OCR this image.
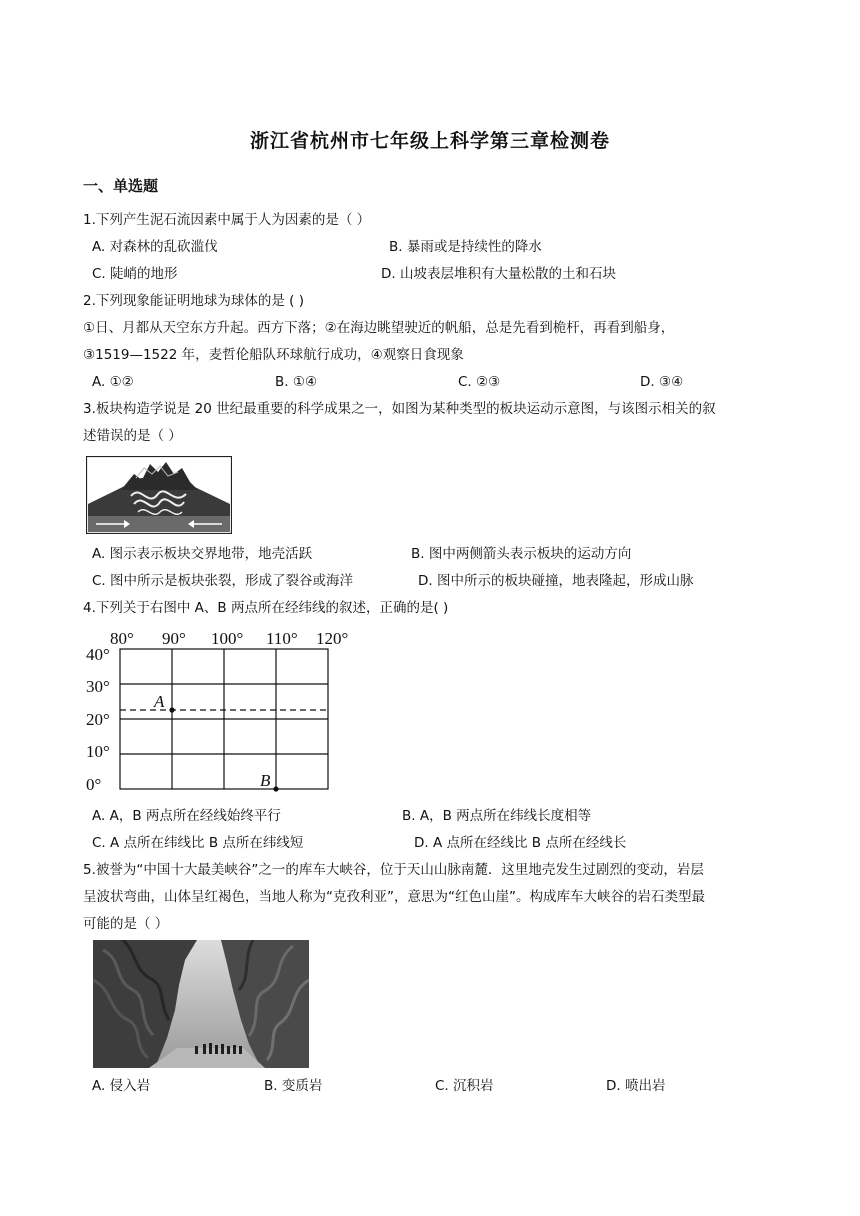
浙江省杭州市七年级上科学第三章检测卷
一、单选题
1.下列产生泥石流因素中属于人为因素的是（ ）
A. 对森林的乱砍滥伐	B. 暴雨或是持续性的降水
C. 陡峭的地形	D. 山坡表层堆积有大量松散的土和石块
2.下列现象能证明地球为球体的是 ( )
①日、月都从天空东方升起。西方下落；②在海边眺望驶近的帆船，总是先看到桅杆，再看到船身，
③1519—1522 年，麦哲伦船队环球航行成功，④观察日食现象
A. ①②	B. ①④	C. ②③	D. ③④
3.板块构造学说是 20 世纪最重要的科学成果之一，如图为某种类型的板块运动示意图，与该图示相关的叙
述错误的是（ ）
A. 图示表示板块交界地带，地壳活跃	B. 图中两侧箭头表示板块的运动方向
C. 图中所示是板块张裂，形成了裂谷或海洋	D. 图中所示的板块碰撞，地表隆起，形成山脉
4.下列关于右图中 A、B 两点所在经纬线的叙述，正确的是( )
80° 90° 100° 110° 120°
40°
30°
20°
10°
0°
A
B
A. A，B 两点所在经线始终平行	B. A，B 两点所在纬线长度相等
C. A 点所在纬线比 B 点所在纬线短	D. A 点所在经线比 B 点所在经线长
5.被誉为“中国十大最美峡谷”之一的库车大峡谷，位于天山山脉南麓．这里地壳发生过剧烈的变动，岩层
呈波状弯曲，山体呈红褐色，当地人称为“克孜利亚”，意思为“红色山崖”。构成库车大峡谷的岩石类型最
可能的是（ ）
A. 侵入岩	B. 变质岩	C. 沉积岩	D. 喷出岩
